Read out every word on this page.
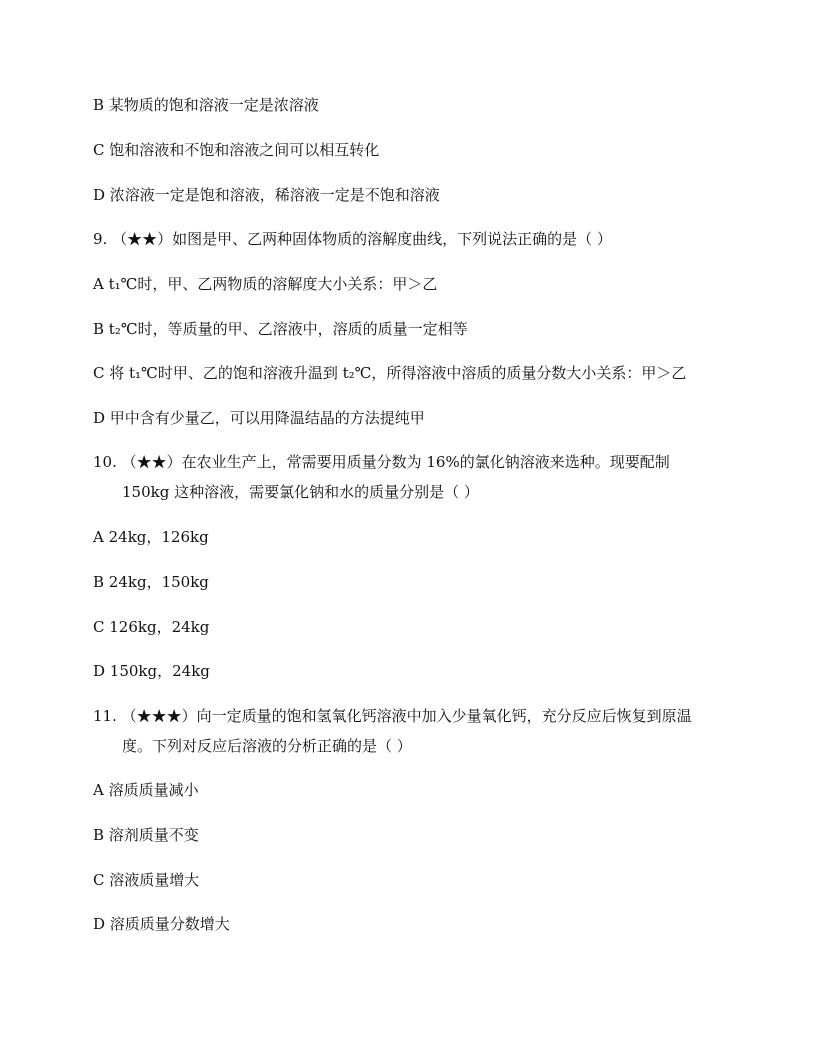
B 某物质的饱和溶液一定是浓溶液
C 饱和溶液和不饱和溶液之间可以相互转化
D 浓溶液一定是饱和溶液，稀溶液一定是不饱和溶液
9. （★★）如图是甲、乙两种固体物质的溶解度曲线，下列说法正确的是（ ）
A t₁℃时，甲、乙两物质的溶解度大小关系：甲＞乙
B t₂℃时，等质量的甲、乙溶液中，溶质的质量一定相等
C 将 t₁℃时甲、乙的饱和溶液升温到 t₂℃，所得溶液中溶质的质量分数大小关系：甲＞乙
D 甲中含有少量乙，可以用降温结晶的方法提纯甲
10. （★★）在农业生产上，常需要用质量分数为 16%的氯化钠溶液来选种。现要配制
150kg 这种溶液，需要氯化钠和水的质量分别是（ ）
A 24kg，126kg
B 24kg，150kg
C 126kg，24kg
D 150kg，24kg
11. （★★★）向一定质量的饱和氢氧化钙溶液中加入少量氧化钙，充分反应后恢复到原温
度。下列对反应后溶液的分析正确的是（ ）
A 溶质质量减小
B 溶剂质量不变
C 溶液质量增大
D 溶质质量分数增大
